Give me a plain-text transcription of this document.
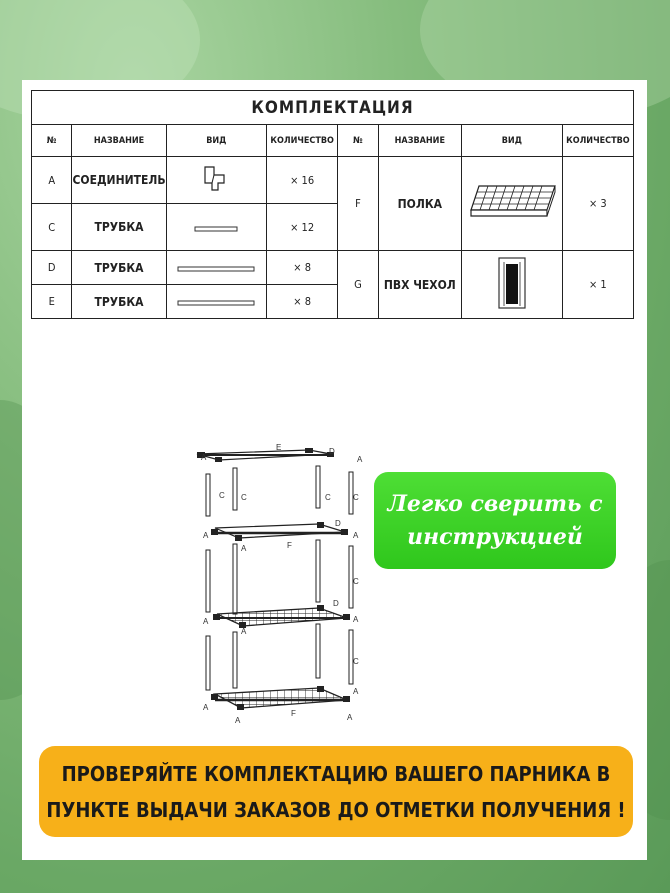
КОМПЛЕКТАЦИЯ							
№	НАЗВАНИЕ	ВИД	КОЛИЧЕСТВО	№	НАЗВАНИЕ	ВИД	КОЛИЧЕСТВО
A	СОЕДИНИТЕЛЬ		× 16	F	ПОЛКА		× 3
C	ТРУБКА		× 12				
D	ТРУБКА		× 8	G	ПВХ ЧЕХОЛ		× 1
E	ТРУБКА		× 8				
E	D
A	A
C C	C	C
D
A
A	F
A
C
D
A
A
A
C
A
A
F	A
A
Легко сверить с
инструкцией
ПРОВЕРЯЙТЕ КОМПЛЕКТАЦИЮ ВАШЕГО ПАРНИКА В
ПУНКТЕ ВЫДАЧИ ЗАКАЗОВ ДО ОТМЕТКИ ПОЛУЧЕНИЯ !
